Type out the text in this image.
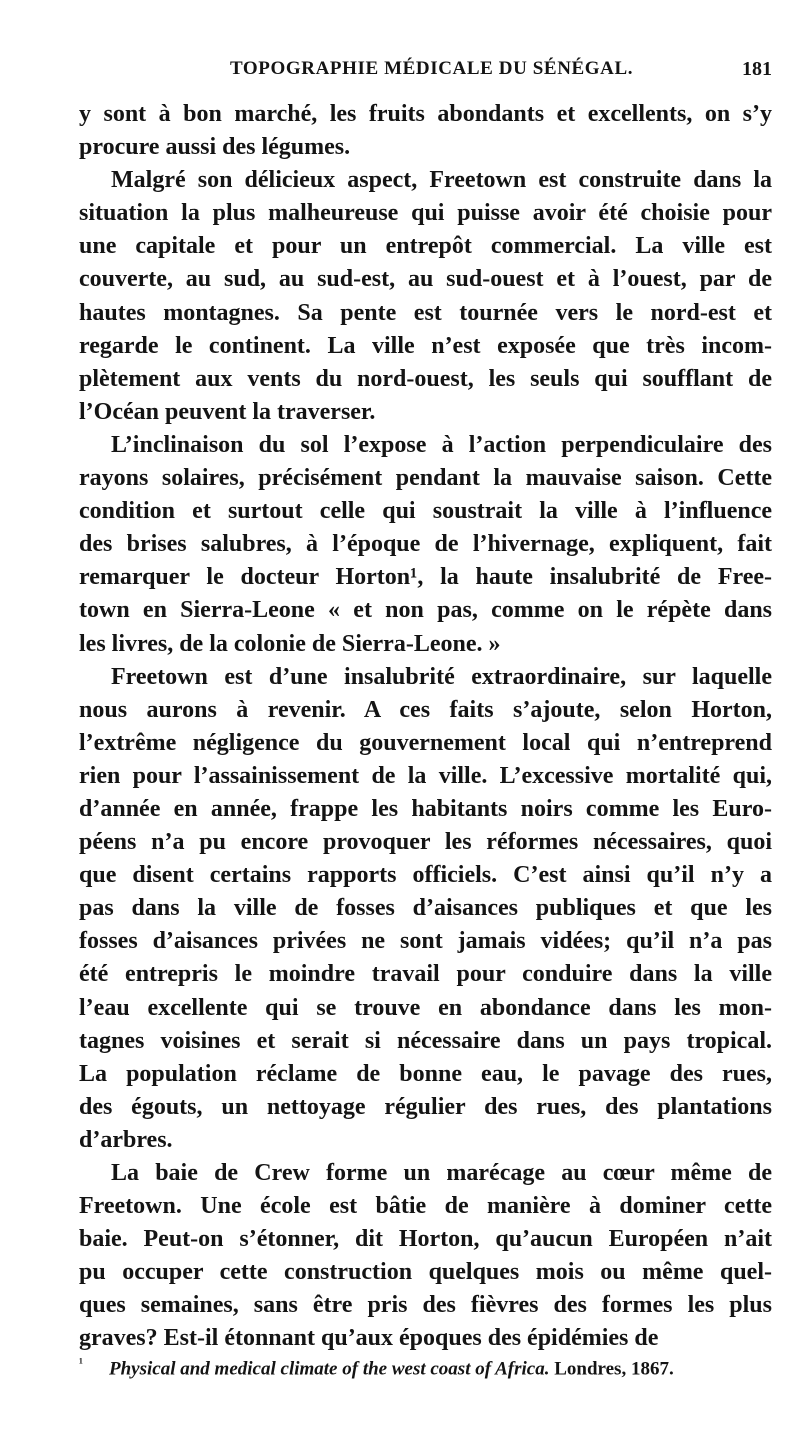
TOPOGRAPHIE MÉDICALE DU SÉNÉGAL.	181
y sont à bon marché, les fruits abondants et excellents, on s’y
procure aussi des légumes.
Malgré son délicieux aspect, Freetown est construite dans la
situation la plus malheureuse qui puisse avoir été choisie pour
une capitale et pour un entrepôt commercial. La ville est
couverte, au sud, au sud-est, au sud-ouest et à l’ouest, par de
hautes montagnes. Sa pente est tournée vers le nord-est et
regarde le continent. La ville n’est exposée que très incom-
plètement aux vents du nord-ouest, les seuls qui soufflant de
l’Océan peuvent la traverser.
L’inclinaison du sol l’expose à l’action perpendiculaire des
rayons solaires, précisément pendant la mauvaise saison. Cette
condition et surtout celle qui soustrait la ville à l’influence
des brises salubres, à l’époque de l’hivernage, expliquent, fait
remarquer le docteur Horton¹, la haute insalubrité de Free-
town en Sierra-Leone « et non pas, comme on le répète dans
les livres, de la colonie de Sierra-Leone. »
Freetown est d’une insalubrité extraordinaire, sur laquelle
nous aurons à revenir. A ces faits s’ajoute, selon Horton,
l’extrême négligence du gouvernement local qui n’entreprend
rien pour l’assainissement de la ville. L’excessive mortalité qui,
d’année en année, frappe les habitants noirs comme les Euro-
péens n’a pu encore provoquer les réformes nécessaires, quoi
que disent certains rapports officiels. C’est ainsi qu’il n’y a
pas dans la ville de fosses d’aisances publiques et que les
fosses d’aisances privées ne sont jamais vidées; qu’il n’a pas
été entrepris le moindre travail pour conduire dans la ville
l’eau excellente qui se trouve en abondance dans les mon-
tagnes voisines et serait si nécessaire dans un pays tropical.
La population réclame de bonne eau, le pavage des rues,
des égouts, un nettoyage régulier des rues, des plantations
d’arbres.
La baie de Crew forme un marécage au cœur même de
Freetown. Une école est bâtie de manière à dominer cette
baie. Peut-on s’étonner, dit Horton, qu’aucun Européen n’ait
pu occuper cette construction quelques mois ou même quel-
ques semaines, sans être pris des fièvres des formes les plus
graves? Est-il étonnant qu’aux époques des épidémies de
¹ Physical and medical climate of the west coast of Africa. Londres, 1867.
